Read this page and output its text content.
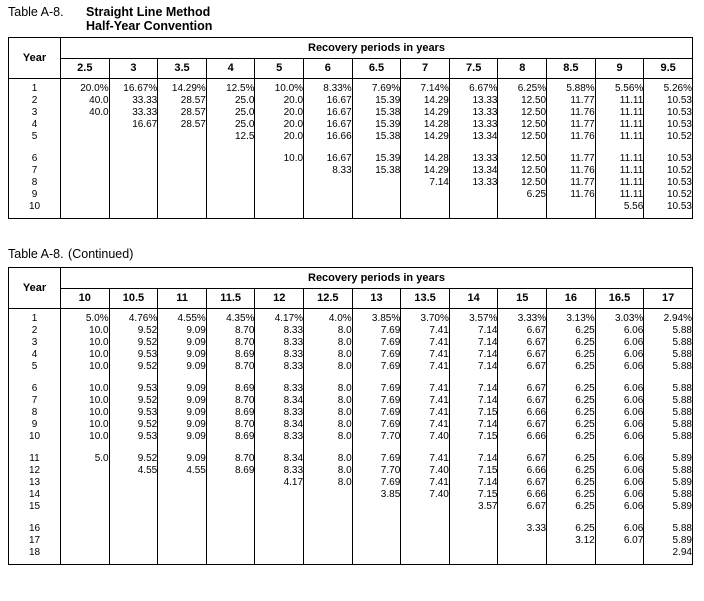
Table A-8.	Straight Line Method
Half-Year Convention
Year	Recovery periods in years												
	2.5	3	3.5	4	5	6	6.5	7	7.5	8	8.5	9	9.5
1	20.0%	16.67%	14.29%	12.5%	10.0%	8.33%	7.69%	7.14%	6.67%	6.25%	5.88%	5.56%	5.26%
2	40.0	33.33	28.57	25.0	20.0	16.67	15.39	14.29	13.33	12.50	11.77	11.11	10.53
3	40.0	33.33	28.57	25.0	20.0	16.67	15.38	14.29	13.33	12.50	11.76	11.11	10.53
4		16.67	28.57	25.0	20.0	16.67	15.39	14.28	13.33	12.50	11.77	11.11	10.53
5				12.5	20.0	16.66	15.38	14.29	13.34	12.50	11.76	11.11	10.52

6					10.0	16.67	15.39	14.28	13.33	12.50	11.77	11.11	10.53
7						8.33	15.38	14.29	13.34	12.50	11.76	11.11	10.52
8								7.14	13.33	12.50	11.77	11.11	10.53
9										6.25	11.76	11.11	10.52
10												5.56	10.53
Table A-8. (Continued)
Year	Recovery periods in years												
	10	10.5	11	11.5	12	12.5	13	13.5	14	15	16	16.5	17
1	5.0%	4.76%	4.55%	4.35%	4.17%	4.0%	3.85%	3.70%	3.57%	3.33%	3.13%	3.03%	2.94%
2	10.0	9.52	9.09	8.70	8.33	8.0	7.69	7.41	7.14	6.67	6.25	6.06	5.88
3	10.0	9.52	9.09	8.70	8.33	8.0	7.69	7.41	7.14	6.67	6.25	6.06	5.88
4	10.0	9.53	9.09	8.69	8.33	8.0	7.69	7.41	7.14	6.67	6.25	6.06	5.88
5	10.0	9.52	9.09	8.70	8.33	8.0	7.69	7.41	7.14	6.67	6.25	6.06	5.88

6	10.0	9.53	9.09	8.69	8.33	8.0	7.69	7.41	7.14	6.67	6.25	6.06	5.88
7	10.0	9.52	9.09	8.70	8.34	8.0	7.69	7.41	7.14	6.67	6.25	6.06	5.88
8	10.0	9.53	9.09	8.69	8.33	8.0	7.69	7.41	7.15	6.66	6.25	6.06	5.88
9	10.0	9.52	9.09	8.70	8.34	8.0	7.69	7.41	7.14	6.67	6.25	6.06	5.88
10	10.0	9.53	9.09	8.69	8.33	8.0	7.70	7.40	7.15	6.66	6.25	6.06	5.88

11	5.0	9.52	9.09	8.70	8.34	8.0	7.69	7.41	7.14	6.67	6.25	6.06	5.89
12		4.55	4.55	8.69	8.33	8.0	7.70	7.40	7.15	6.66	6.25	6.06	5.88
13					4.17	8.0	7.69	7.41	7.14	6.67	6.25	6.06	5.89
14							3.85	7.40	7.15	6.66	6.25	6.06	5.88
15									3.57	6.67	6.25	6.06	5.89

16										3.33	6.25	6.06	5.88
17											3.12	6.07	5.89
18													2.94
